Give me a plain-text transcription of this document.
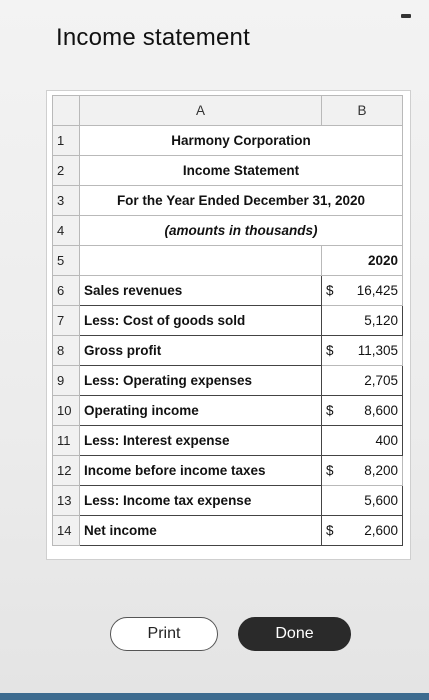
Income statement
	A	B
1	Harmony Corporation	
2	Income Statement	
3	For the Year Ended December 31, 2020	
4	(amounts in thousands)	
5		2020
6	Sales revenues	$ 16,425
7	Less: Cost of goods sold	5,120
8	Gross profit	$ 11,305
9	Less: Operating expenses	2,705
10	Operating income	$ 8,600
11	Less: Interest expense	400
12	Income before income taxes	$ 8,200
13	Less: Income tax expense	5,600
14	Net income	$ 2,600
Print	Done
